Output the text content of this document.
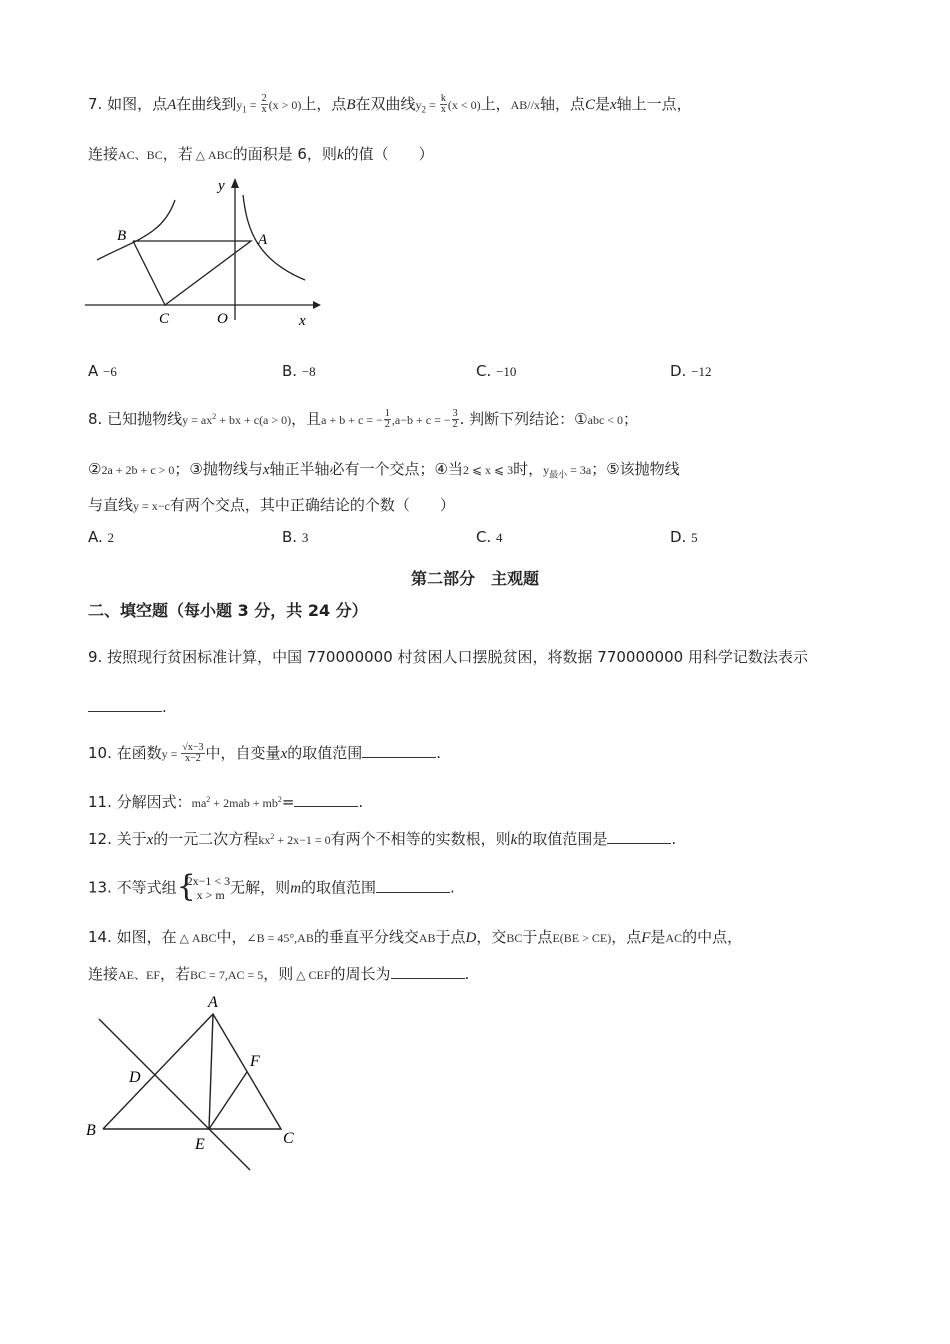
7. 如图，点A在曲线到$y_1 = \frac{2}{x} (x > 0)$上，点B在双曲线$y_2 = \frac{k}{x} (x < 0)$上，AB//x轴，点C是x轴上一点，
连接AC、BC，若 △ ABC的面积是 6，则k的值（　　）
y
x
A
B
C	O
A −6	B. −8	C. −10	D. −12
8. 已知抛物线$y = ax^2$ + bx + c(a > 0)，且a + b + c = − $\frac{1}{2} ,a-b + c$ = − $\frac{3}{2}$ . 判断下列结论：①abc < 0；
②2a + 2b + c > 0；③抛物线与x轴正半轴必有一个交点；④当2 ⩽ x ⩽ 3时，$y_{最小} = 3a$；⑤该抛物线
与直线y = x−c有两个交点，其中正确结论的个数（　　）
A. 2	B. 3	C. 4	D. 5
第二部分　主观题
二、填空题（每小题 3 分，共 24 分）
9. 按照现行贫困标准计算，中国 770000000 村贫困人口摆脱贫困，将数据 770000000 用科学记数法表示
.
10. 在函数$y = \frac{√x-3}{x-2}$ 中，自变量x的取值范围	.
11. 分解因式：$ma^2 + 2mab + mb^2=$	.
12. 关于x的一元二次方程$kx^2 + 2x-1 = 0$有两个不相等的实数根，则k的取值范围是	.
13. 不等式组 {
2x−1 < 3
x > m 无解，则m的取值范围	.
14. 如图，在 △ ABC中，∠B = 45°,AB的垂直平分线交AB于点D，交BC于点E(BE > CE)，点F是AC的中点，
连接AE、EF，若BC = 7,AC = 5，则 △ CEF的周长为	.
A
B	C
D
E
F
